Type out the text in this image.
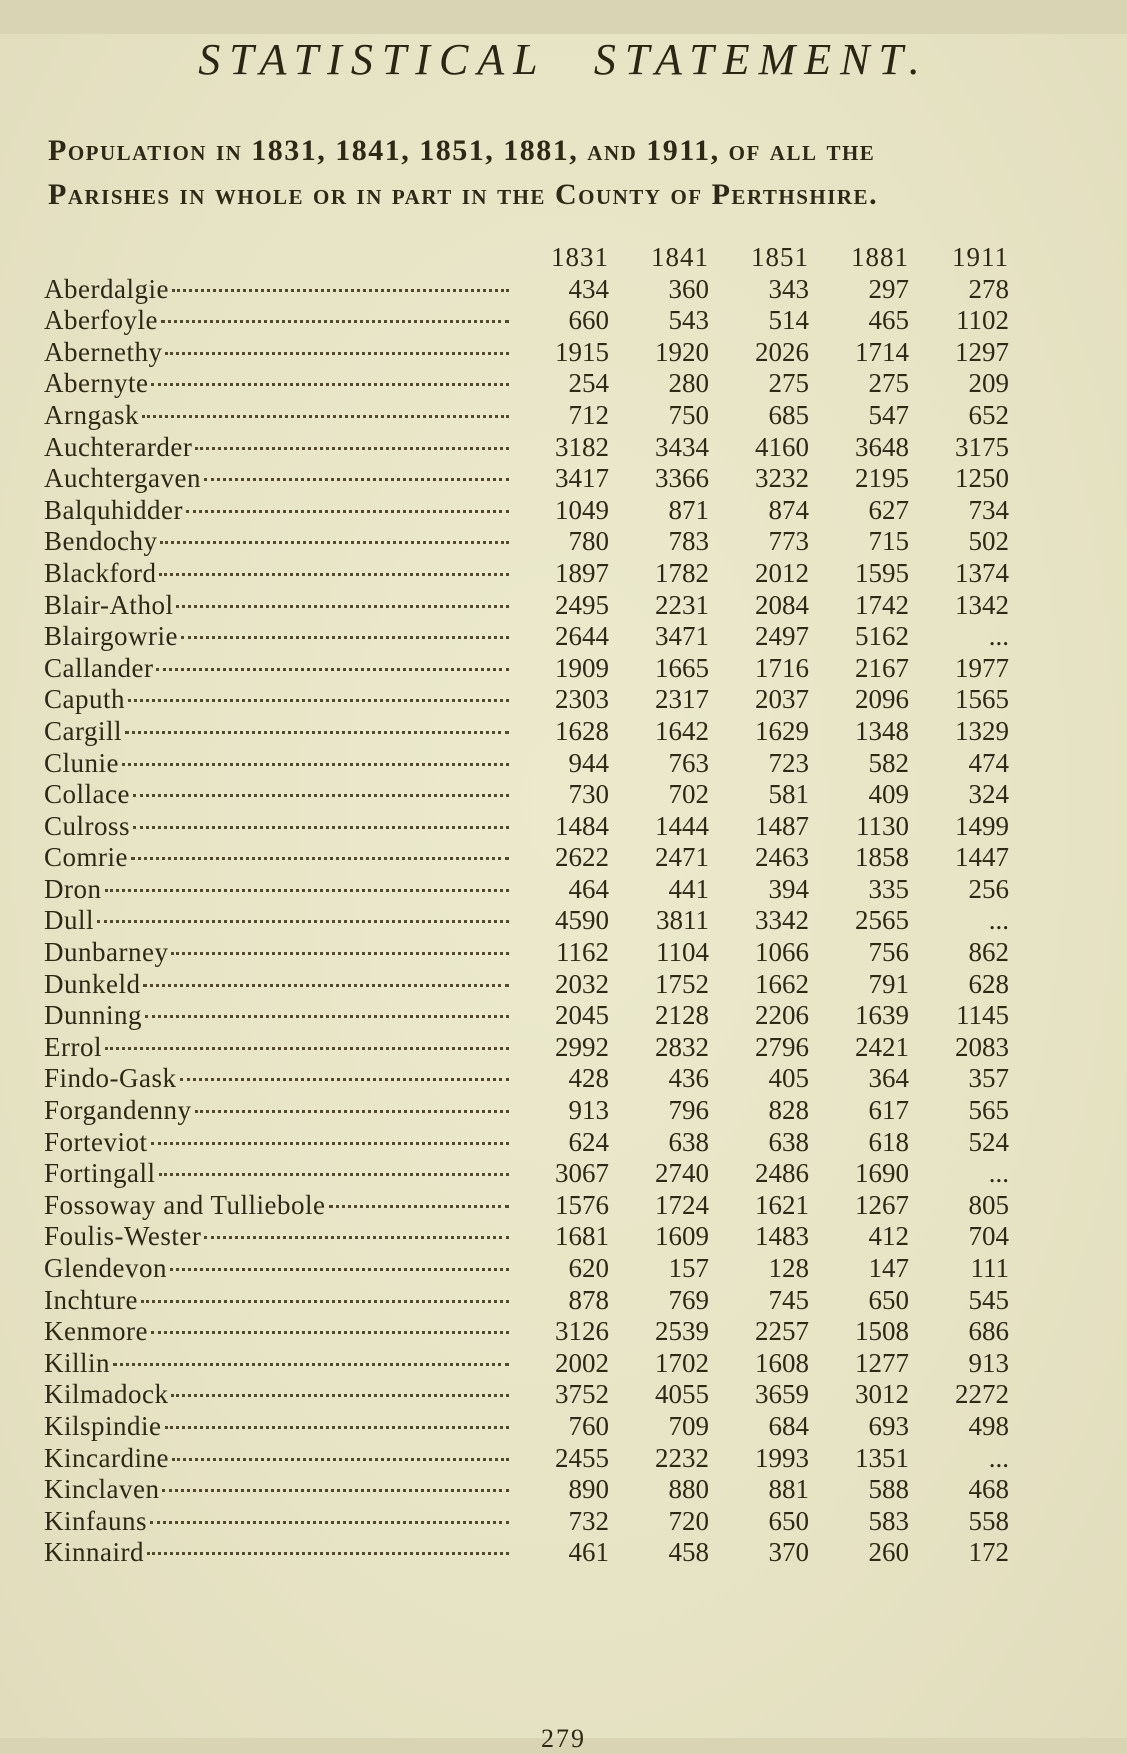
STATISTICAL STATEMENT.

Population in 1831, 1841, 1851, 1881, and 1911, of all the
Parishes in whole or in part in the County of Perthshire.

	1831	1841	1851	1881	1911

Aberdalgie	434	360	343	297	278

Aberfoyle	660	543	514	465	1102

Abernethy	1915	1920	2026	1714	1297

Abernyte	254	280	275	275	209

Arngask	712	750	685	547	652

Auchterarder	3182	3434	4160	3648	3175

Auchtergaven	3417	3366	3232	2195	1250

Balquhidder	1049	871	874	627	734

Bendochy	780	783	773	715	502

Blackford	1897	1782	2012	1595	1374

Blair-Athol	2495	2231	2084	1742	1342

Blairgowrie	2644	3471	2497	5162	...

Callander	1909	1665	1716	2167	1977

Caputh	2303	2317	2037	2096	1565

Cargill	1628	1642	1629	1348	1329

Clunie	944	763	723	582	474

Collace	730	702	581	409	324

Culross	1484	1444	1487	1130	1499

Comrie	2622	2471	2463	1858	1447

Dron	464	441	394	335	256

Dull	4590	3811	3342	2565	...

Dunbarney	1162	1104	1066	756	862

Dunkeld	2032	1752	1662	791	628

Dunning	2045	2128	2206	1639	1145

Errol	2992	2832	2796	2421	2083

Findo-Gask	428	436	405	364	357

Forgandenny	913	796	828	617	565

Forteviot	624	638	638	618	524

Fortingall	3067	2740	2486	1690	...

Fossoway and Tulliebole	1576	1724	1621	1267	805

Foulis-Wester	1681	1609	1483	412	704

Glendevon	620	157	128	147	111

Inchture	878	769	745	650	545

Kenmore	3126	2539	2257	1508	686

Killin	2002	1702	1608	1277	913

Kilmadock	3752	4055	3659	3012	2272

Kilspindie	760	709	684	693	498

Kincardine	2455	2232	1993	1351	...

Kinclaven	890	880	881	588	468

Kinfauns	732	720	650	583	558

Kinnaird	461	458	370	260	172
279
